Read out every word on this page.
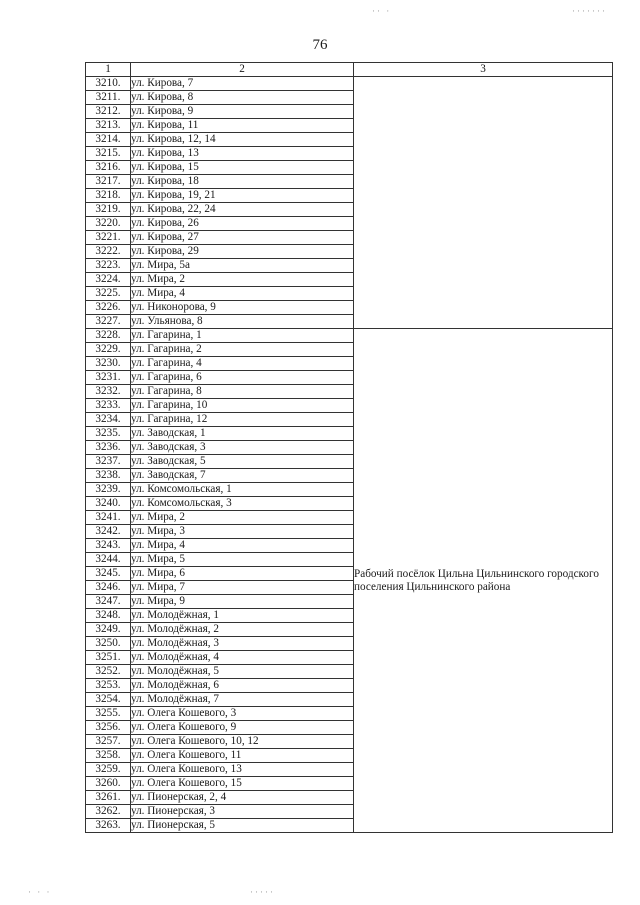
·· ·	·······
76
1	2	3
3210.	ул. Кирова, 7	
3211.	ул. Кирова, 8	
3212.	ул. Кирова, 9	
3213.	ул. Кирова, 11	
3214.	ул. Кирова, 12, 14	
3215.	ул. Кирова, 13	
3216.	ул. Кирова, 15	
3217.	ул. Кирова, 18	
3218.	ул. Кирова, 19, 21	
3219.	ул. Кирова, 22, 24	
3220.	ул. Кирова, 26	
3221.	ул. Кирова, 27	
3222.	ул. Кирова, 29	
3223.	ул. Мира, 5а	
3224.	ул. Мира, 2	
3225.	ул. Мира, 4	
3226.	ул. Никонорова, 9	
3227.	ул. Ульянова, 8	
3228.	ул. Гагарина, 1	Рабочий посёлок Цильна Цильнинского городского поселения Цильнинского района
3229.	ул. Гагарина, 2	
3230.	ул. Гагарина, 4	
3231.	ул. Гагарина, 6	
3232.	ул. Гагарина, 8	
3233.	ул. Гагарина, 10	
3234.	ул. Гагарина, 12	
3235.	ул. Заводская, 1	
3236.	ул. Заводская, 3	
3237.	ул. Заводская, 5	
3238.	ул. Заводская, 7	
3239.	ул. Комсомольская, 1	
3240.	ул. Комсомольская, 3	
3241.	ул. Мира, 2	
3242.	ул. Мира, 3	
3243.	ул. Мира, 4	
3244.	ул. Мира, 5	
3245.	ул. Мира, 6	
3246.	ул. Мира, 7	
3247.	ул. Мира, 9	
3248.	ул. Молодёжная, 1	
3249.	ул. Молодёжная, 2	
3250.	ул. Молодёжная, 3	
3251.	ул. Молодёжная, 4	
3252.	ул. Молодёжная, 5	
3253.	ул. Молодёжная, 6	
3254.	ул. Молодёжная, 7	
3255.	ул. Олега Кошевого, 3	
3256.	ул. Олега Кошевого, 9	
3257.	ул. Олега Кошевого, 10, 12	
3258.	ул. Олега Кошевого, 11	
3259.	ул. Олега Кошевого, 13	
3260.	ул. Олега Кошевого, 15	
3261.	ул. Пионерская, 2, 4	
3262.	ул. Пионерская, 3	
3263.	ул. Пионерская, 5	
· · ·	·····
